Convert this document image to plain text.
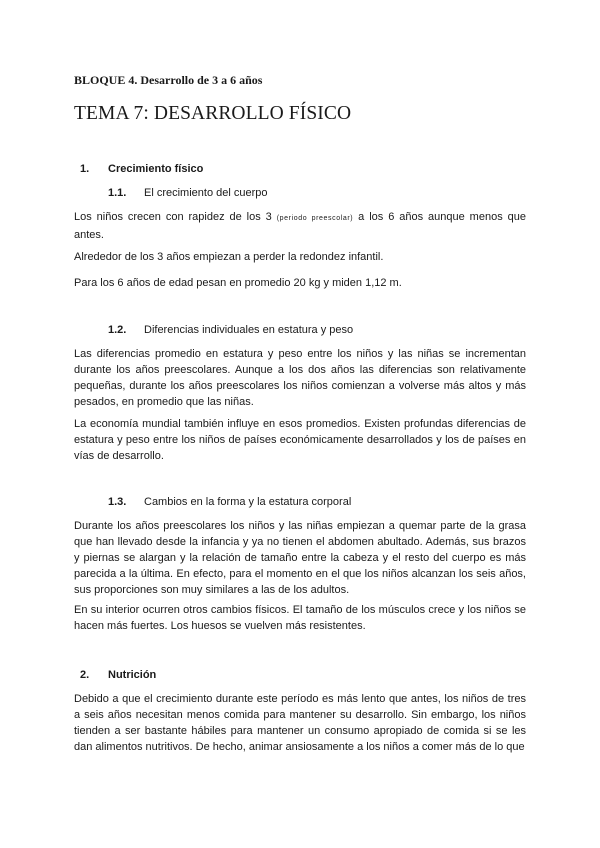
BLOQUE 4. Desarrollo de 3 a 6 años
TEMA 7: DESARROLLO FÍSICO
1. Crecimiento físico
1.1. El crecimiento del cuerpo
Los niños crecen con rapidez de los 3 (periodo preescolar) a los 6 años aunque menos que antes.
Alrededor de los 3 años empiezan a perder la redondez infantil.
Para los 6 años de edad pesan en promedio 20 kg y miden 1,12 m.
1.2. Diferencias individuales en estatura y peso
Las diferencias promedio en estatura y peso entre los niños y las niñas se incrementan durante los años preescolares. Aunque a los dos años las diferencias son relativamente pequeñas, durante los años preescolares los niños comienzan a volverse más altos y más pesados, en promedio que las niñas.
La economía mundial también influye en esos promedios. Existen profundas diferencias de estatura y peso entre los niños de países económicamente desarrollados y los de países en vías de desarrollo.
1.3. Cambios en la forma y la estatura corporal
Durante los años preescolares los niños y las niñas empiezan a quemar parte de la grasa que han llevado desde la infancia y ya no tienen el abdomen abultado. Además, sus brazos y piernas se alargan y la relación de tamaño entre la cabeza y el resto del cuerpo es más parecida a la última. En efecto, para el momento en el que los niños alcanzan los seis años, sus proporciones son muy similares a las de los adultos.
En su interior ocurren otros cambios físicos. El tamaño de los músculos crece y los niños se hacen más fuertes. Los huesos se vuelven más resistentes.
2. Nutrición
Debido a que el crecimiento durante este período es más lento que antes, los niños de tres a seis años necesitan menos comida para mantener su desarrollo. Sin embargo, los niños tienden a ser bastante hábiles para mantener un consumo apropiado de comida si se les dan alimentos nutritivos. De hecho, animar ansiosamente a los niños a comer más de lo que
